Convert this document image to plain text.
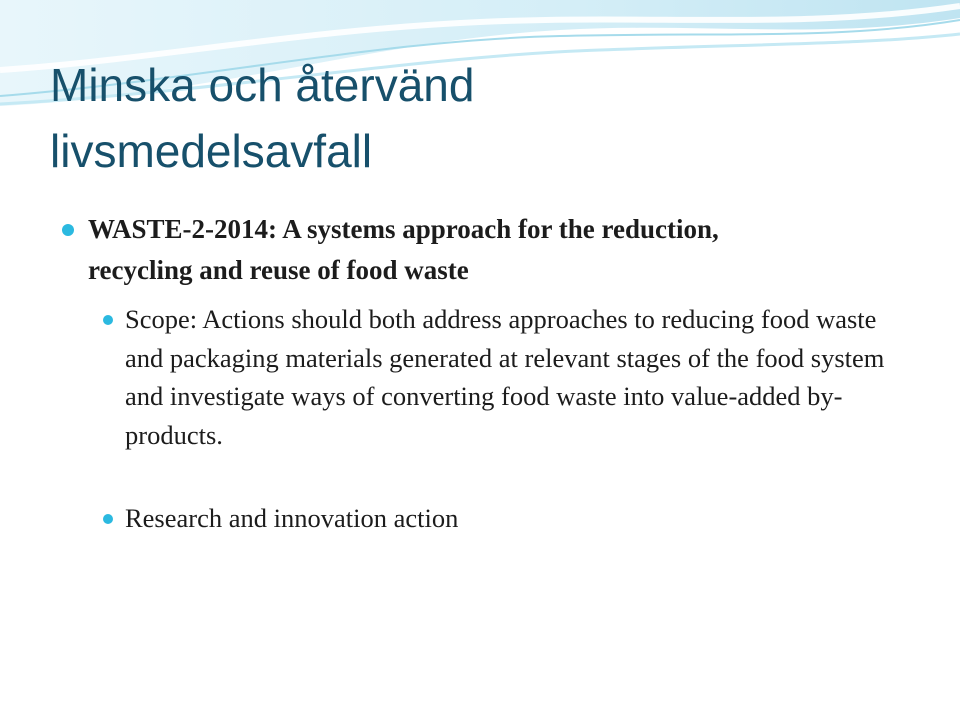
Minska och återvänd
livsmedelsavfall
WASTE-2-2014: A systems approach for the reduction, recycling and reuse of food waste
Scope: Actions should both address approaches to reducing food waste and packaging materials generated at relevant stages of the food system and investigate ways of converting food waste into value-added by-products.
Research and innovation action
